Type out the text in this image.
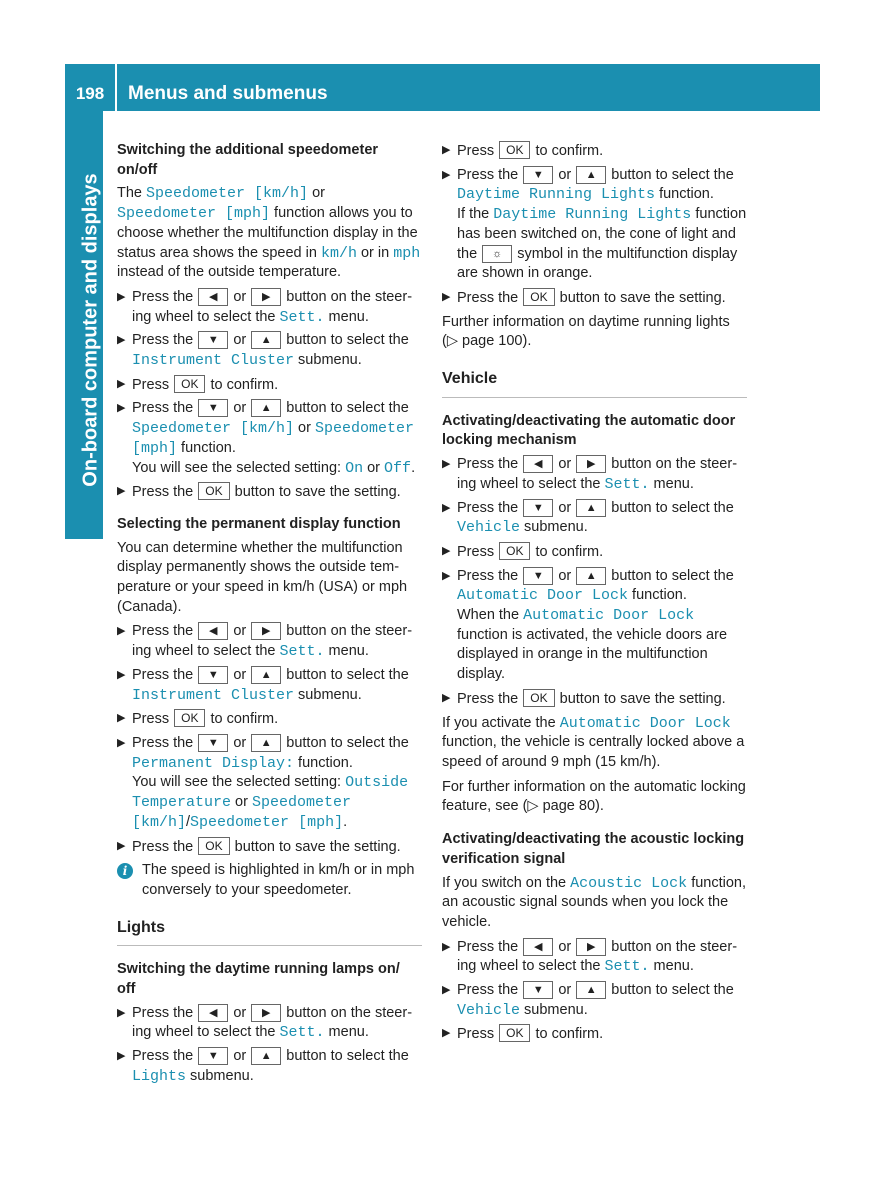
198	Menus and submenus
On-board computer and displays
Switching the additional speedometer on/off
The Speedometer [km/h] or Speedometer [mph] function allows you to choose whether the multifunction display in the status area shows the speed in km/h or in mph instead of the outside temperature.
▶ Press the ◀ or ▶ button on the steering wheel to select the Sett. menu.
▶ Press the ▼ or ▲ button to select the Instrument Cluster submenu.
▶ Press OK to confirm.
▶ Press the ▼ or ▲ button to select the Speedometer [km/h] or Speedometer [mph] function.
You will see the selected setting: On or Off.
▶ Press the OK button to save the setting.
Selecting the permanent display function
You can determine whether the multifunction display permanently shows the outside temperature or your speed in km/h (USA) or mph (Canada).
▶ Press the ◀ or ▶ button on the steering wheel to select the Sett. menu.
▶ Press the ▼ or ▲ button to select the Instrument Cluster submenu.
▶ Press OK to confirm.
▶ Press the ▼ or ▲ button to select the Permanent Display: function.
You will see the selected setting: Outside Temperature or Speedometer [km/h]/Speedometer [mph].
▶ Press the OK button to save the setting.
i	The speed is highlighted in km/h or in mph conversely to your speedometer.
Lights
Switching the daytime running lamps on/ off
▶ Press the ◀ or ▶ button on the steering wheel to select the Sett. menu.
▶ Press the ▼ or ▲ button to select the Lights submenu.
▶ Press OK to confirm.
▶ Press the ▼ or ▲ button to select the Daytime Running Lights function.
If the Daytime Running Lights function has been switched on, the cone of light and the ☼ symbol in the multifunction display are shown in orange.
▶ Press the OK button to save the setting.
Further information on daytime running lights (▷ page 100).
Vehicle
Activating/deactivating the automatic door locking mechanism
▶ Press the ◀ or ▶ button on the steering wheel to select the Sett. menu.
▶ Press the ▼ or ▲ button to select the Vehicle submenu.
▶ Press OK to confirm.
▶ Press the ▼ or ▲ button to select the Automatic Door Lock function.
When the Automatic Door Lock function is activated, the vehicle doors are displayed in orange in the multifunction display.
▶ Press the OK button to save the setting.
If you activate the Automatic Door Lock function, the vehicle is centrally locked above a speed of around 9 mph (15 km/h).
For further information on the automatic locking feature, see (▷ page 80).
Activating/deactivating the acoustic locking verification signal
If you switch on the Acoustic Lock function, an acoustic signal sounds when you lock the vehicle.
▶ Press the ◀ or ▶ button on the steering wheel to select the Sett. menu.
▶ Press the ▼ or ▲ button to select the Vehicle submenu.
▶ Press OK to confirm.
